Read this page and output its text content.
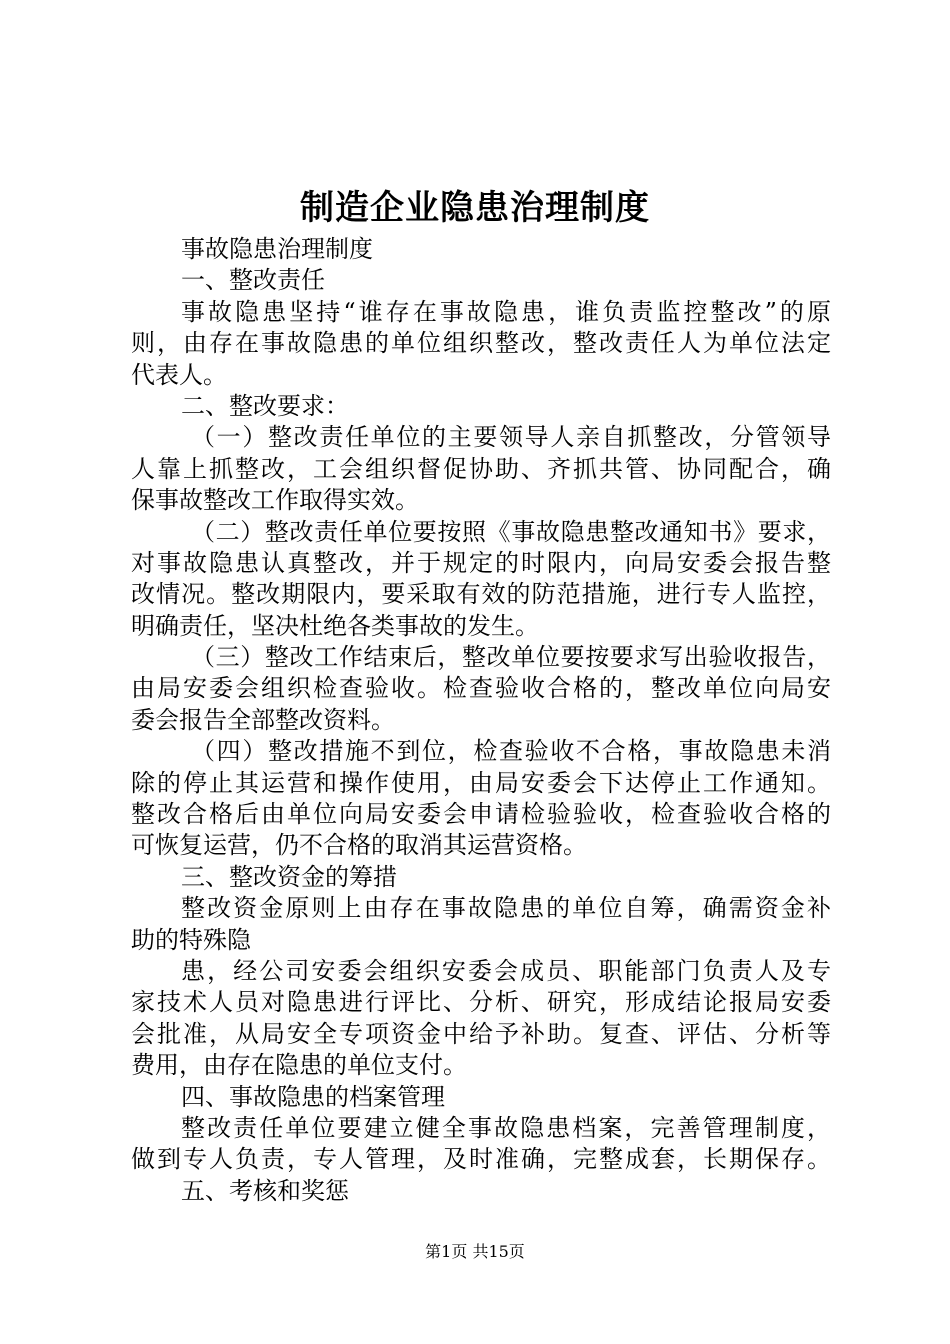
制造企业隐患治理制度
事故隐患治理制度
一、整改责任
事故隐患坚持“谁存在事故隐患，谁负责监控整改”的原
则，由存在事故隐患的单位组织整改，整改责任人为单位法定
代表人。
二、整改要求：
（一）整改责任单位的主要领导人亲自抓整改，分管领导
人靠上抓整改，工会组织督促协助、齐抓共管、协同配合，确
保事故整改工作取得实效。
（二）整改责任单位要按照《事故隐患整改通知书》要求，
对事故隐患认真整改，并于规定的时限内，向局安委会报告整
改情况。整改期限内，要采取有效的防范措施，进行专人监控，
明确责任，坚决杜绝各类事故的发生。
（三）整改工作结束后，整改单位要按要求写出验收报告，
由局安委会组织检查验收。检查验收合格的，整改单位向局安
委会报告全部整改资料。
（四）整改措施不到位，检查验收不合格，事故隐患未消
除的停止其运营和操作使用，由局安委会下达停止工作通知。
整改合格后由单位向局安委会申请检验验收，检查验收合格的
可恢复运营，仍不合格的取消其运营资格。
三、整改资金的筹措
整改资金原则上由存在事故隐患的单位自筹，确需资金补
助的特殊隐
患，经公司安委会组织安委会成员、职能部门负责人及专
家技术人员对隐患进行评比、分析、研究，形成结论报局安委
会批准，从局安全专项资金中给予补助。复查、评估、分析等
费用，由存在隐患的单位支付。
四、事故隐患的档案管理
整改责任单位要建立健全事故隐患档案，完善管理制度，
做到专人负责，专人管理，及时准确，完整成套，长期保存。
五、考核和奖惩
第1页 共15页
